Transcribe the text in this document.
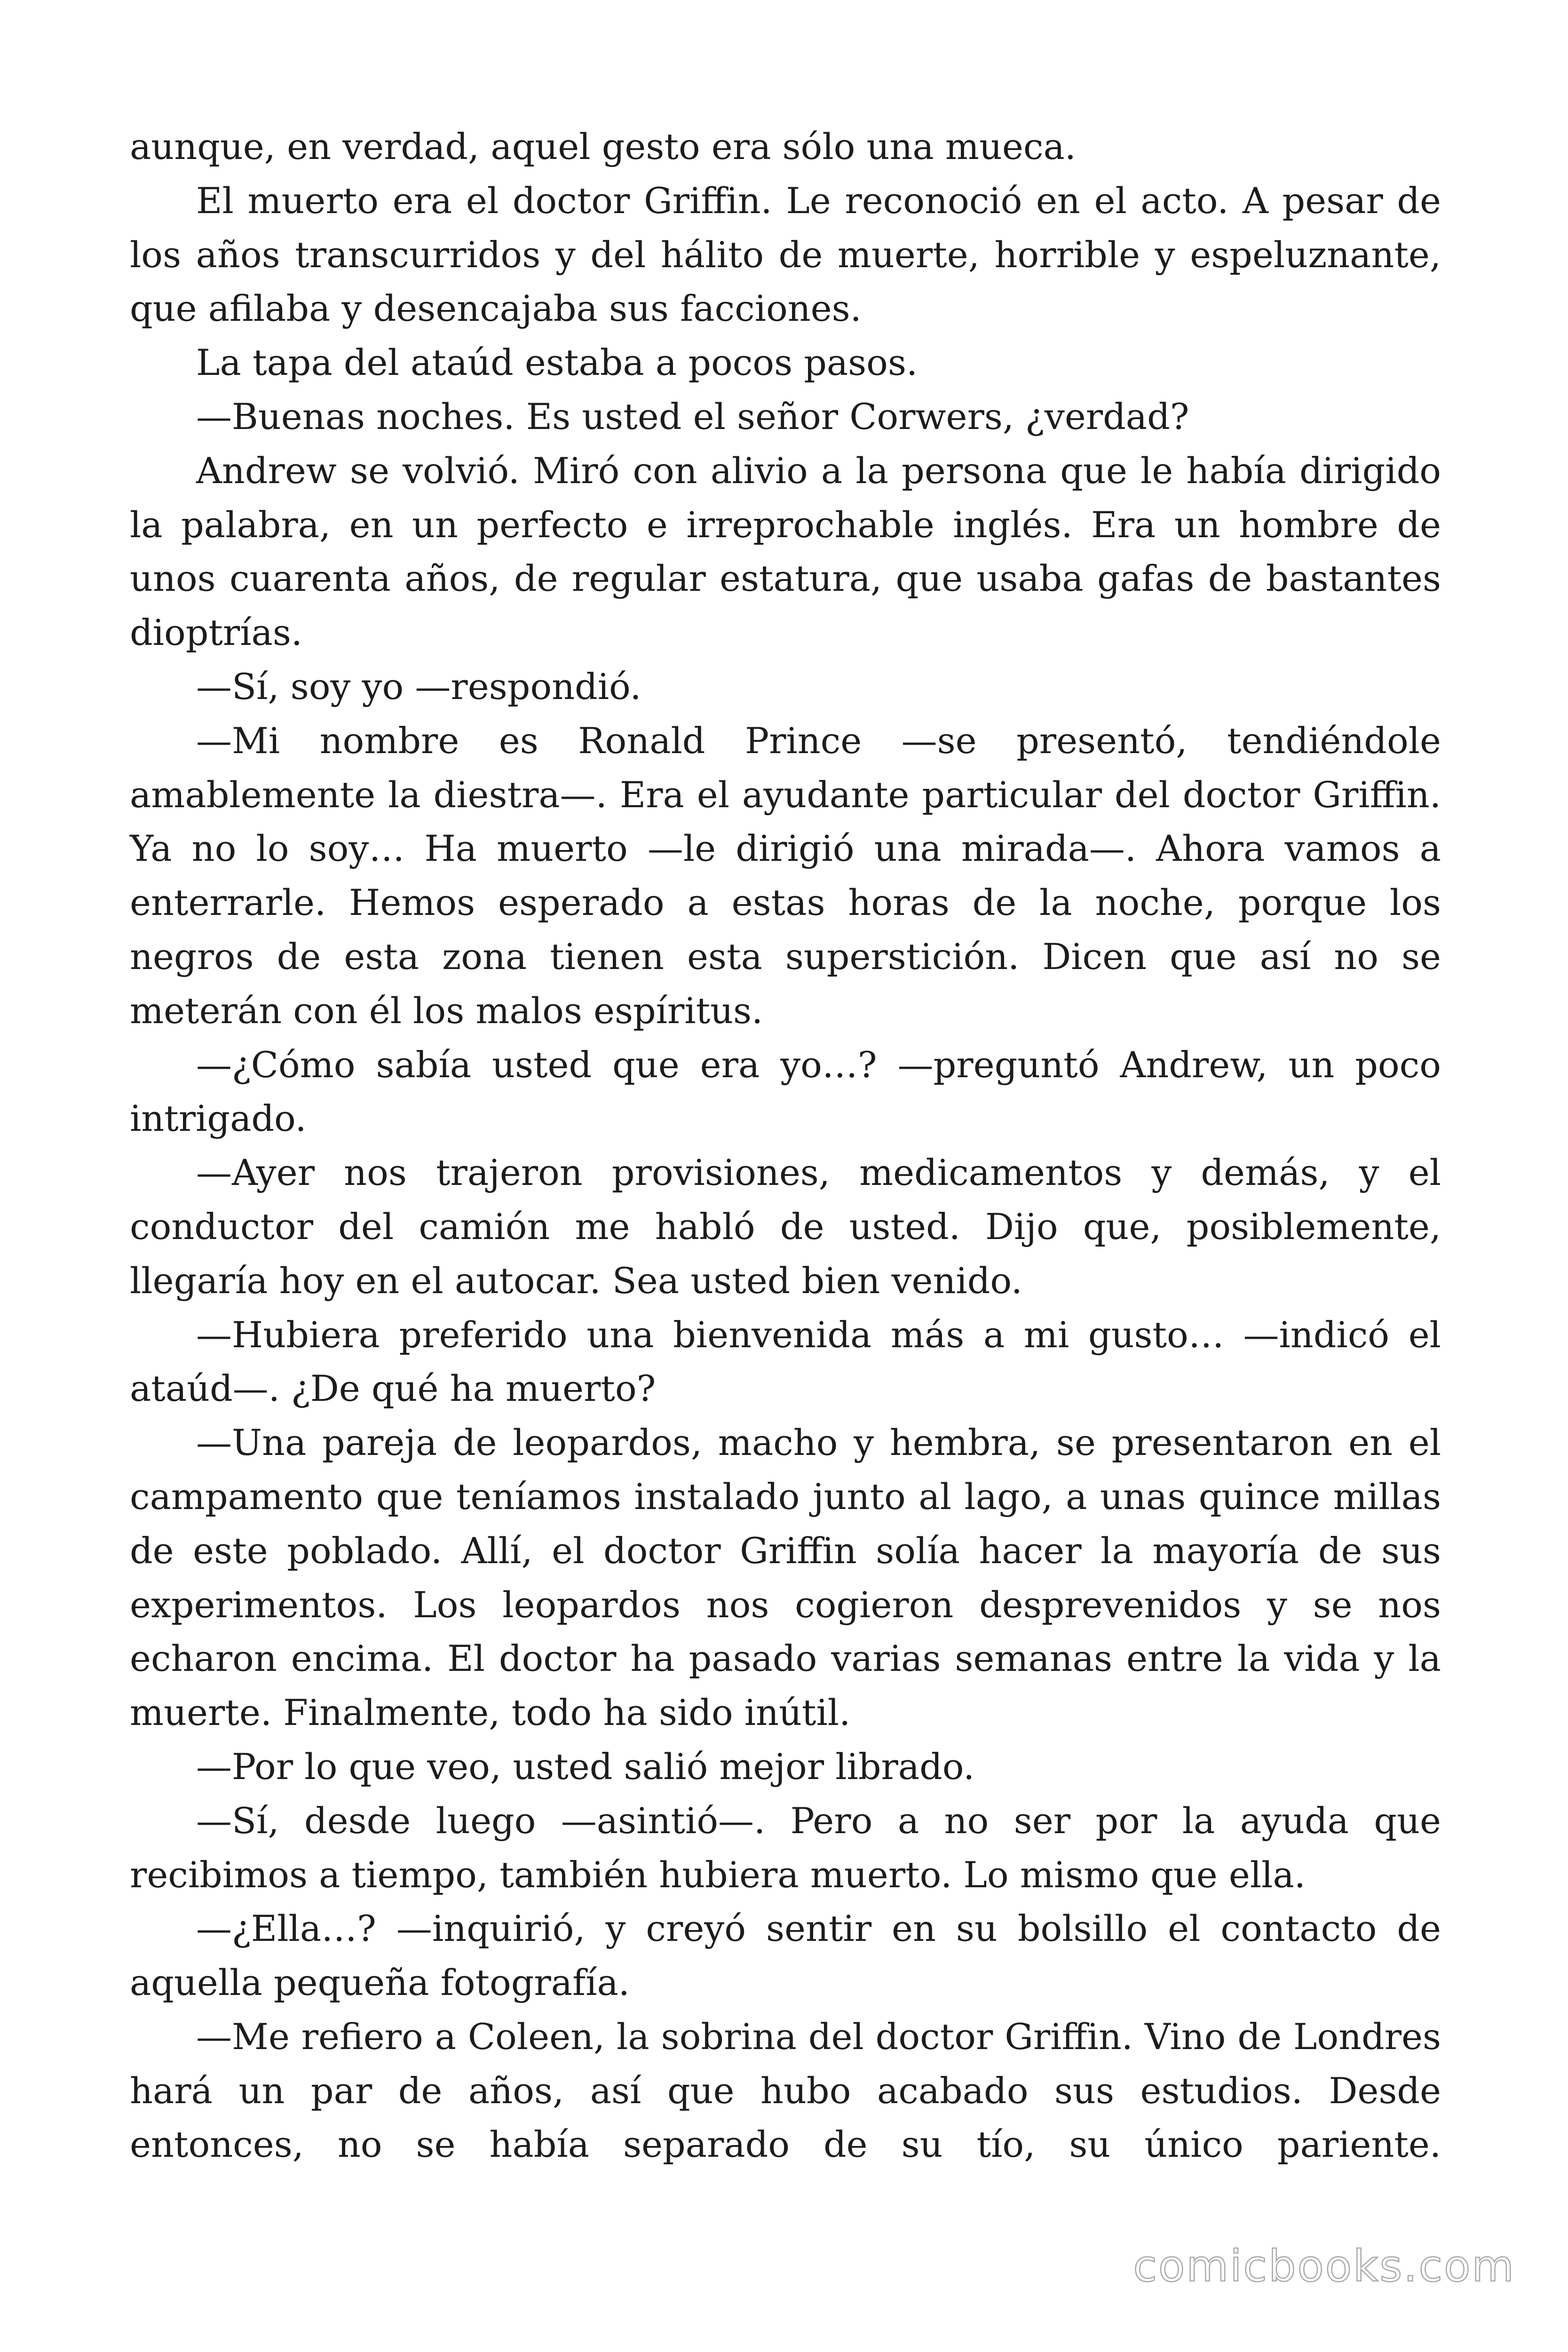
aunque, en verdad, aquel gesto era sólo una mueca.

El muerto era el doctor Griffin. Le reconoció en el acto. A pesar de los años transcurridos y del hálito de muerte, horrible y espeluznante, que afilaba y desencajaba sus facciones.

La tapa del ataúd estaba a pocos pasos.

—Buenas noches. Es usted el señor Corwers, ¿verdad?

Andrew se volvió. Miró con alivio a la persona que le había dirigido la palabra, en un perfecto e irreprochable inglés. Era un hombre de unos cuarenta años, de regular estatura, que usaba gafas de bastantes dioptrías.

—Sí, soy yo —respondió.

—Mi nombre es Ronald Prince —se presentó, tendiéndole amablemente la diestra—. Era el ayudante particular del doctor Griffin. Ya no lo soy… Ha muerto —le dirigió una mirada—. Ahora vamos a enterrarle. Hemos esperado a estas horas de la noche, porque los negros de esta zona tienen esta superstición. Dicen que así no se meterán con él los malos espíritus.

—¿Cómo sabía usted que era yo…? —preguntó Andrew, un poco intrigado.

—Ayer nos trajeron provisiones, medicamentos y demás, y el conductor del camión me habló de usted. Dijo que, posiblemente, llegaría hoy en el autocar. Sea usted bien venido.

—Hubiera preferido una bienvenida más a mi gusto… —indicó el ataúd—. ¿De qué ha muerto?

—Una pareja de leopardos, macho y hembra, se presentaron en el campamento que teníamos instalado junto al lago, a unas quince millas de este poblado. Allí, el doctor Griffin solía hacer la mayoría de sus experimentos. Los leopardos nos cogieron desprevenidos y se nos echaron encima. El doctor ha pasado varias semanas entre la vida y la muerte. Finalmente, todo ha sido inútil.

—Por lo que veo, usted salió mejor librado.

—Sí, desde luego —asintió—. Pero a no ser por la ayuda que recibimos a tiempo, también hubiera muerto. Lo mismo que ella.

—¿Ella…? —inquirió, y creyó sentir en su bolsillo el contacto de aquella pequeña fotografía.

—Me refiero a Coleen, la sobrina del doctor Griffin. Vino de Londres hará un par de años, así que hubo acabado sus estudios. Desde entonces, no se había separado de su tío, su único pariente.

comicbooks.com
